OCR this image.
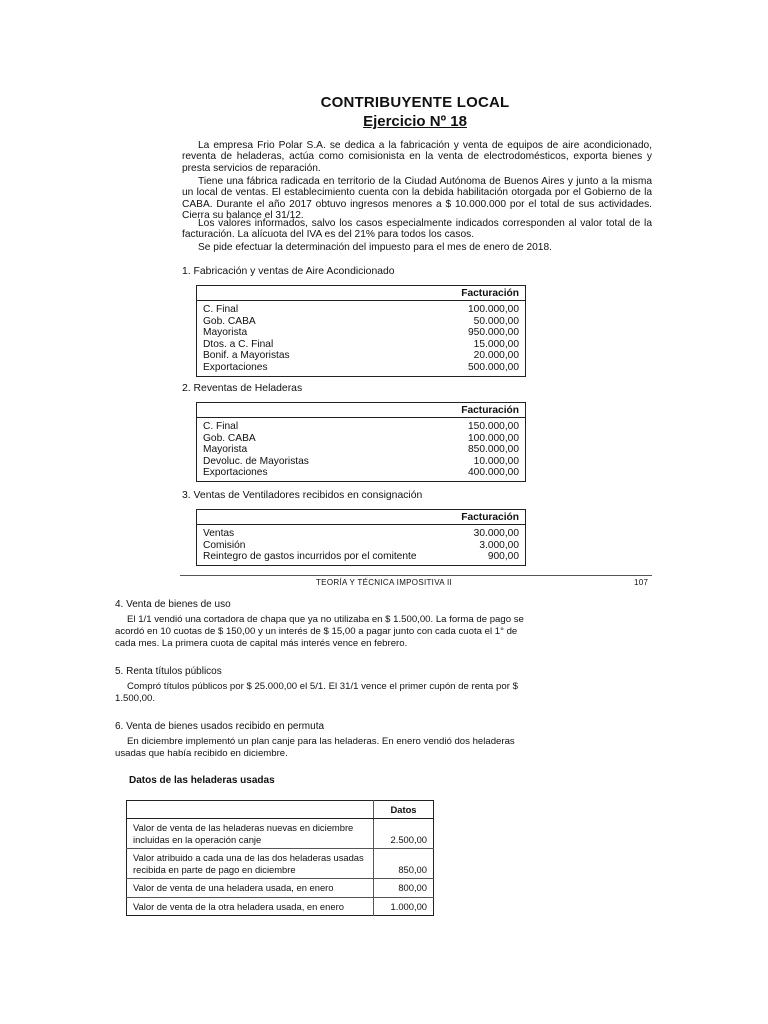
CONTRIBUYENTE LOCAL
Ejercicio Nº 18
La empresa Frio Polar S.A. se dedica a la fabricación y venta de equipos de aire acondicionado, reventa de heladeras, actúa como comisionista en la venta de electrodomésticos, exporta bienes y presta servicios de reparación.
Tiene una fábrica radicada en territorio de la Ciudad Autónoma de Buenos Aires y junto a la misma un local de ventas. El establecimiento cuenta con la debida habilitación otorgada por el Gobierno de la CABA. Durante el año 2017 obtuvo ingresos menores a $ 10.000.000 por el total de sus actividades. Cierra su balance el 31/12.
Los valores informados, salvo los casos especialmente indicados corresponden al valor total de la facturación. La alícuota del IVA es del 21% para todos los casos.
Se pide efectuar la determinación del impuesto para el mes de enero de 2018.
1. Fabricación y ventas de Aire Acondicionado
	Facturación
C. Final	100.000,00
Gob. CABA	50.000,00
Mayorista	950.000,00
Dtos. a C. Final	15.000,00
Bonif. a Mayoristas	20.000,00
Exportaciones	500.000,00
2. Reventas de Heladeras
	Facturación
C. Final	150.000,00
Gob. CABA	100.000,00
Mayorista	850.000,00
Devoluc. de Mayoristas	10.000,00
Exportaciones	400.000,00
3. Ventas de Ventiladores recibidos en consignación
	Facturación
Ventas	30.000,00
Comisión	3.000,00
Reintegro de gastos incurridos por el comitente	900,00
TEORÍA Y TÉCNICA IMPOSITIVA II	107
4. Venta de bienes de uso
El 1/1 vendió una cortadora de chapa que ya no utilizaba en $ 1.500,00. La forma de pago se acordó en 10 cuotas de $ 150,00 y un interés de $ 15,00 a pagar junto con cada cuota el 1° de cada mes. La primera cuota de capital más interés vence en febrero.
5. Renta títulos públicos
Compró títulos públicos por $ 25.000,00 el 5/1. El 31/1 vence el primer cupón de renta por $ 1.500,00.
6. Venta de bienes usados recibido en permuta
En diciembre implementó un plan canje para las heladeras. En enero vendió dos heladeras usadas que había recibido en diciembre.
Datos de las heladeras usadas
	Datos
Valor de venta de las heladeras nuevas en diciembre incluidas en la operación canje	2.500,00
Valor atribuido a cada una de las dos heladeras usadas recibida en parte de pago en diciembre	850,00
Valor de venta de una heladera usada, en enero	800,00
Valor de venta de la otra heladera usada, en enero	1.000,00
